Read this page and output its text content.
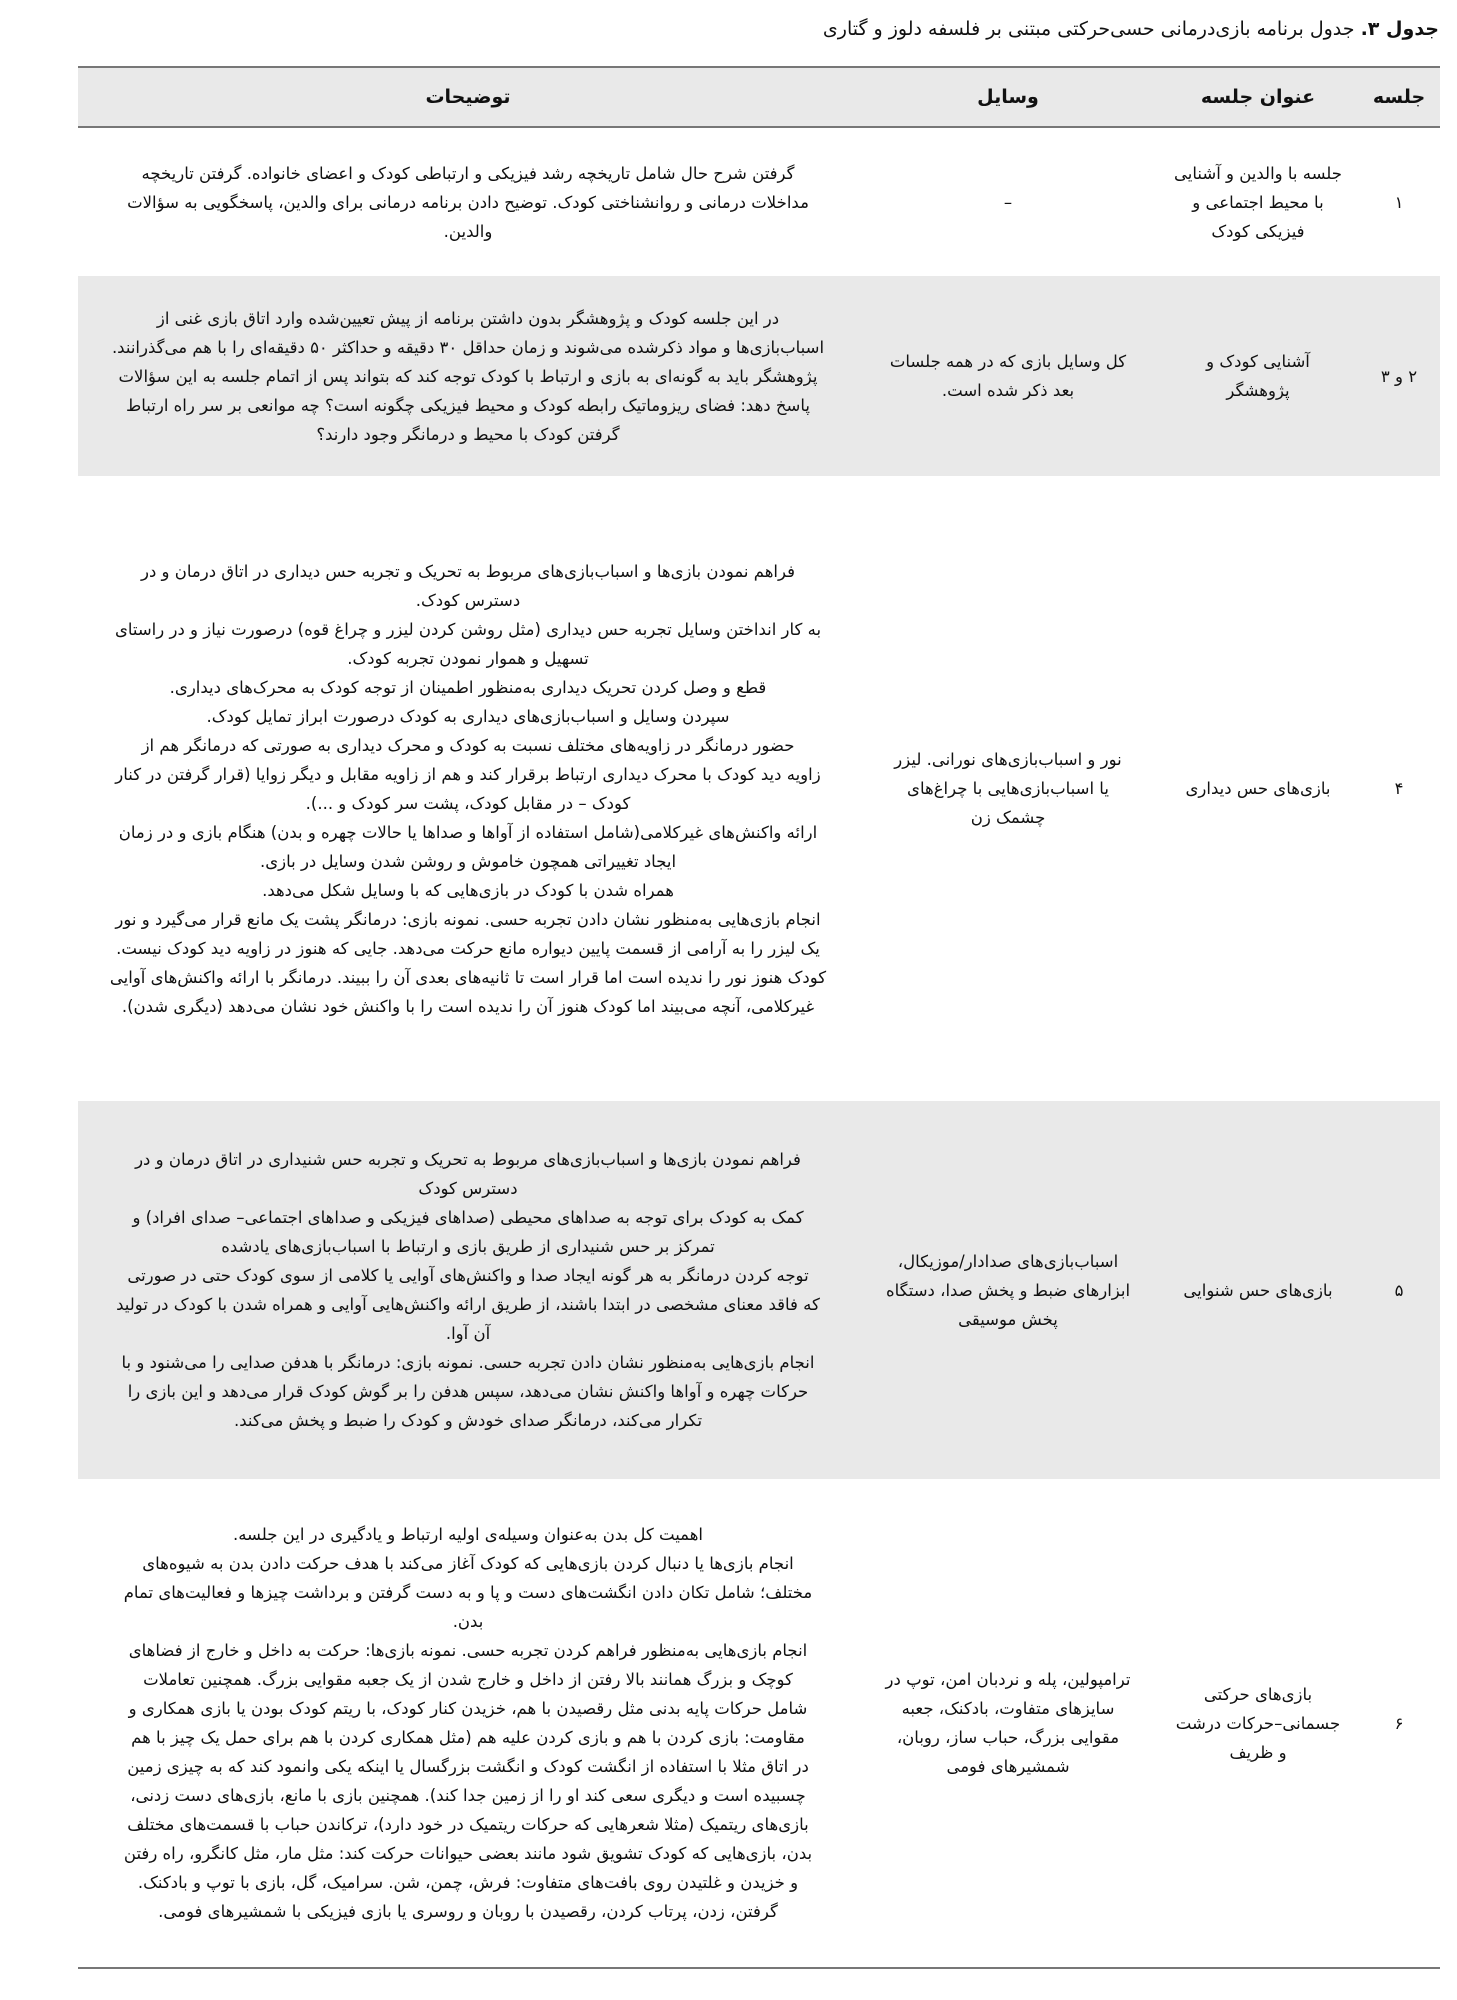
جدول ۳. جدول برنامه بازی‌درمانی حسی‌حرکتی مبتنی بر فلسفه دلوز و گتاری
جلسه
عنوان جلسه
وسایل
توضیحات
۱
جلسه با والدین و آشنایی
با محیط اجتماعی و
فیزیکی کودک
–
گرفتن شرح حال شامل تاریخچه رشد فیزیکی و ارتباطی کودک و اعضای خانواده. گرفتن تاریخچه
مداخلات درمانی و روانشناختی کودک. توضیح دادن برنامه درمانی برای والدین، پاسخگویی به سؤالات
والدین.
۲ و ۳
آشنایی کودک و
پژوهشگر
کل وسایل بازی که در همه جلسات
بعد ذکر شده است.
در این جلسه کودک و پژوهشگر بدون داشتن برنامه از پیش تعیین‌شده وارد اتاق بازی غنی از
اسباب‌بازی‌ها و مواد ذکرشده می‌شوند و زمان حداقل ۳۰ دقیقه و حداکثر ۵۰ دقیقه‌ای را با هم می‌گذرانند.
پژوهشگر باید به گونه‌ای به بازی و ارتباط با کودک توجه کند که بتواند پس از اتمام جلسه به این سؤالات
پاسخ دهد: فضای ریزوماتیک رابطه کودک و محیط فیزیکی چگونه است؟ چه موانعی بر سر راه ارتباط
گرفتن کودک با محیط و درمانگر وجود دارند؟
۴
بازی‌های حس دیداری
نور و اسباب‌بازی‌های نورانی. لیزر
یا اسباب‌بازی‌هایی با چراغ‌های
چشمک زن
فراهم نمودن بازی‌ها و اسباب‌بازی‌های مربوط به تحریک و تجربه حس دیداری در اتاق درمان و در
دسترس کودک.
به کار انداختن وسایل تجربه حس دیداری (مثل روشن کردن لیزر و چراغ قوه) درصورت نیاز و در راستای
تسهیل و هموار نمودن تجربه کودک.
قطع و وصل کردن تحریک دیداری به‌منظور اطمینان از توجه کودک به محرک‌های دیداری.
سپردن وسایل و اسباب‌بازی‌های دیداری به کودک درصورت ابراز تمایل کودک.
حضور درمانگر در زاویه‌های مختلف نسبت به کودک و محرک دیداری به صورتی که درمانگر هم از
زاویه دید کودک با محرک دیداری ارتباط برقرار کند و هم از زاویه مقابل و دیگر زوایا (قرار گرفتن در کنار
کودک – در مقابل کودک، پشت سر کودک و ...).
ارائه واکنش‌های غیرکلامی(شامل استفاده از آواها و صداها یا حالات چهره و بدن) هنگام بازی و در زمان
ایجاد تغییراتی همچون خاموش و روشن شدن وسایل در بازی.
همراه شدن با کودک در بازی‌هایی که با وسایل شکل می‌دهد.
انجام بازی‌هایی به‌منظور نشان دادن تجربه حسی. نمونه بازی: درمانگر پشت یک مانع قرار می‌گیرد و نور
یک لیزر را به آرامی از قسمت پایین دیواره مانع حرکت می‌دهد. جایی که هنوز در زاویه دید کودک نیست.
کودک هنوز نور را ندیده است اما قرار است تا ثانیه‌های بعدی آن را ببیند. درمانگر با ارائه واکنش‌های آوایی
غیرکلامی، آنچه می‌بیند اما کودک هنوز آن را ندیده است را با واکنش خود نشان می‌دهد (دیگری شدن).
۵
بازی‌های حس شنوایی
اسباب‌بازی‌های صدادار/موزیکال،
ابزارهای ضبط و پخش صدا، دستگاه
پخش موسیقی
فراهم نمودن بازی‌ها و اسباب‌بازی‌های مربوط به تحریک و تجربه حس شنیداری در اتاق درمان و در
دسترس کودک
کمک به کودک برای توجه به صداهای محیطی (صداهای فیزیکی و صداهای اجتماعی– صدای افراد) و
تمرکز بر حس شنیداری از طریق بازی و ارتباط با اسباب‌بازی‌های یادشده
توجه کردن درمانگر به هر گونه ایجاد صدا و واکنش‌های آوایی یا کلامی از سوی کودک حتی در صورتی
که فاقد معنای مشخصی در ابتدا باشند، از طریق ارائه واکنش‌هایی آوایی و همراه شدن با کودک در تولید
آن آوا.
انجام بازی‌هایی به‌منظور نشان دادن تجربه حسی. نمونه بازی: درمانگر با هدفن صدایی را می‌شنود و با
حرکات چهره و آواها واکنش نشان می‌دهد، سپس هدفن را بر گوش کودک قرار می‌دهد و این بازی را
تکرار می‌کند، درمانگر صدای خودش و کودک را ضبط و پخش می‌کند.
۶
بازی‌های حرکتی
جسمانی–حرکات درشت
و ظریف
ترامپولین، پله و نردبان امن، توپ در
سایزهای متفاوت، بادکنک، جعبه
مقوایی بزرگ، حباب ساز، روبان،
شمشیرهای فومی
اهمیت کل بدن به‌عنوان وسیله‌ی اولیه ارتباط و یادگیری در این جلسه.
انجام بازی‌ها یا دنبال کردن بازی‌هایی که کودک آغاز می‌کند با هدف حرکت دادن بدن به شیوه‌های
مختلف؛ شامل تکان دادن انگشت‌های دست و پا و به دست گرفتن و برداشت چیزها و فعالیت‌های تمام
بدن.
انجام بازی‌هایی به‌منظور فراهم کردن تجربه حسی. نمونه بازی‌ها: حرکت به داخل و خارج از فضاهای
کوچک و بزرگ همانند بالا رفتن از داخل و خارج شدن از یک جعبه مقوایی بزرگ. همچنین تعاملات
شامل حرکات پایه بدنی مثل رقصیدن با هم، خزیدن کنار کودک، با ریتم کودک بودن یا بازی همکاری و
مقاومت: بازی کردن با هم و بازی کردن علیه هم (مثل همکاری کردن با هم برای حمل یک چیز با هم
در اتاق مثلا با استفاده از انگشت کودک و انگشت بزرگسال یا اینکه یکی وانمود کند که به چیزی زمین
چسبیده است و دیگری سعی کند او را از زمین جدا کند). همچنین بازی با مانع، بازی‌های دست زدنی،
بازی‌های ریتمیک (مثلا شعرهایی که حرکات ریتمیک در خود دارد)، ترکاندن حباب با قسمت‌های مختلف
بدن، بازی‌هایی که کودک تشویق شود مانند بعضی حیوانات حرکت کند: مثل مار، مثل کانگرو، راه رفتن
و خزیدن و غلتیدن روی بافت‌های متفاوت: فرش، چمن، شن. سرامیک، گل، بازی با توپ و بادکنک.
گرفتن، زدن، پرتاب کردن، رقصیدن با روبان و روسری یا بازی فیزیکی با شمشیرهای فومی.
